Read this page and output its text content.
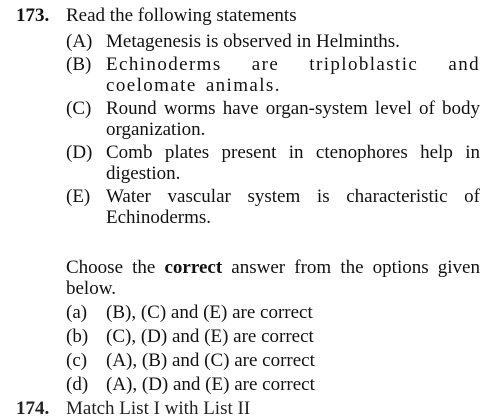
173. Read the following statements
(A) Metagenesis is observed in Helminths.
(B) Echinoderms are triploblastic and coelomate animals.
(C) Round worms have organ-system level of body organization.
(D) Comb plates present in ctenophores help in digestion.
(E) Water vascular system is characteristic of Echinoderms.
Choose the correct answer from the options given below.
(a) (B), (C) and (E) are correct
(b) (C), (D) and (E) are correct
(c) (A), (B) and (C) are correct
(d) (A), (D) and (E) are correct
174. Match List I with List II
